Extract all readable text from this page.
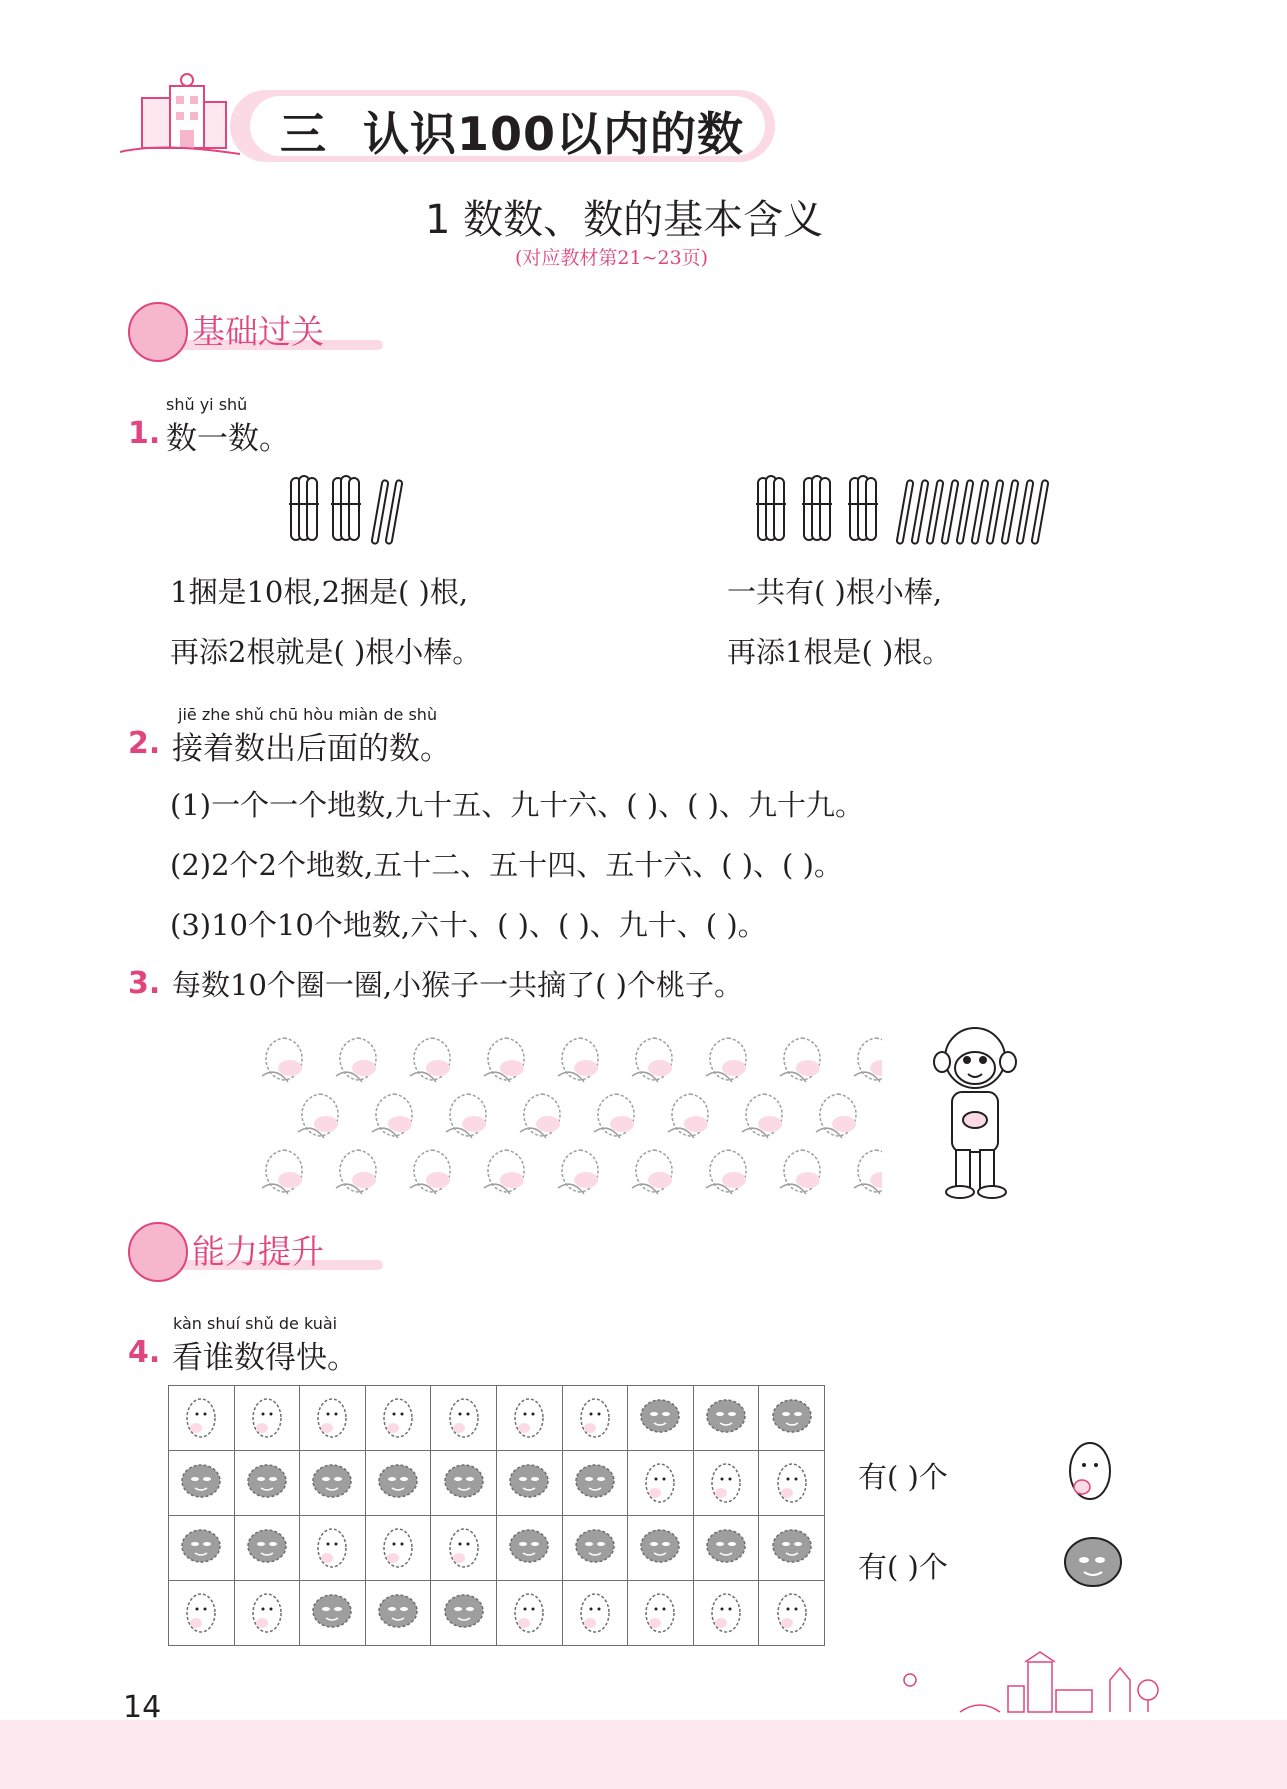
三 认识100以内的数
1 数数、数的基本含义
(对应教材第21~23页)
基础过关
shǔ yi shǔ
1. 数一数。
1捆是10根,2捆是( )根,
再添2根就是( )根小棒。
一共有( )根小棒,
再添1根是( )根。
jiē zhe shǔ chū hòu miàn de shù
2. 接着数出后面的数。
(1)一个一个地数,九十五、九十六、( )、( )、九十九。
(2)2个2个地数,五十二、五十四、五十六、( )、( )。
(3)10个10个地数,六十、( )、( )、九十、( )。
3. 每数10个圈一圈,小猴子一共摘了( )个桃子。
能力提升
kàn shuí shǔ de kuài
4. 看谁数得快。

有( )个
有( )个
14
